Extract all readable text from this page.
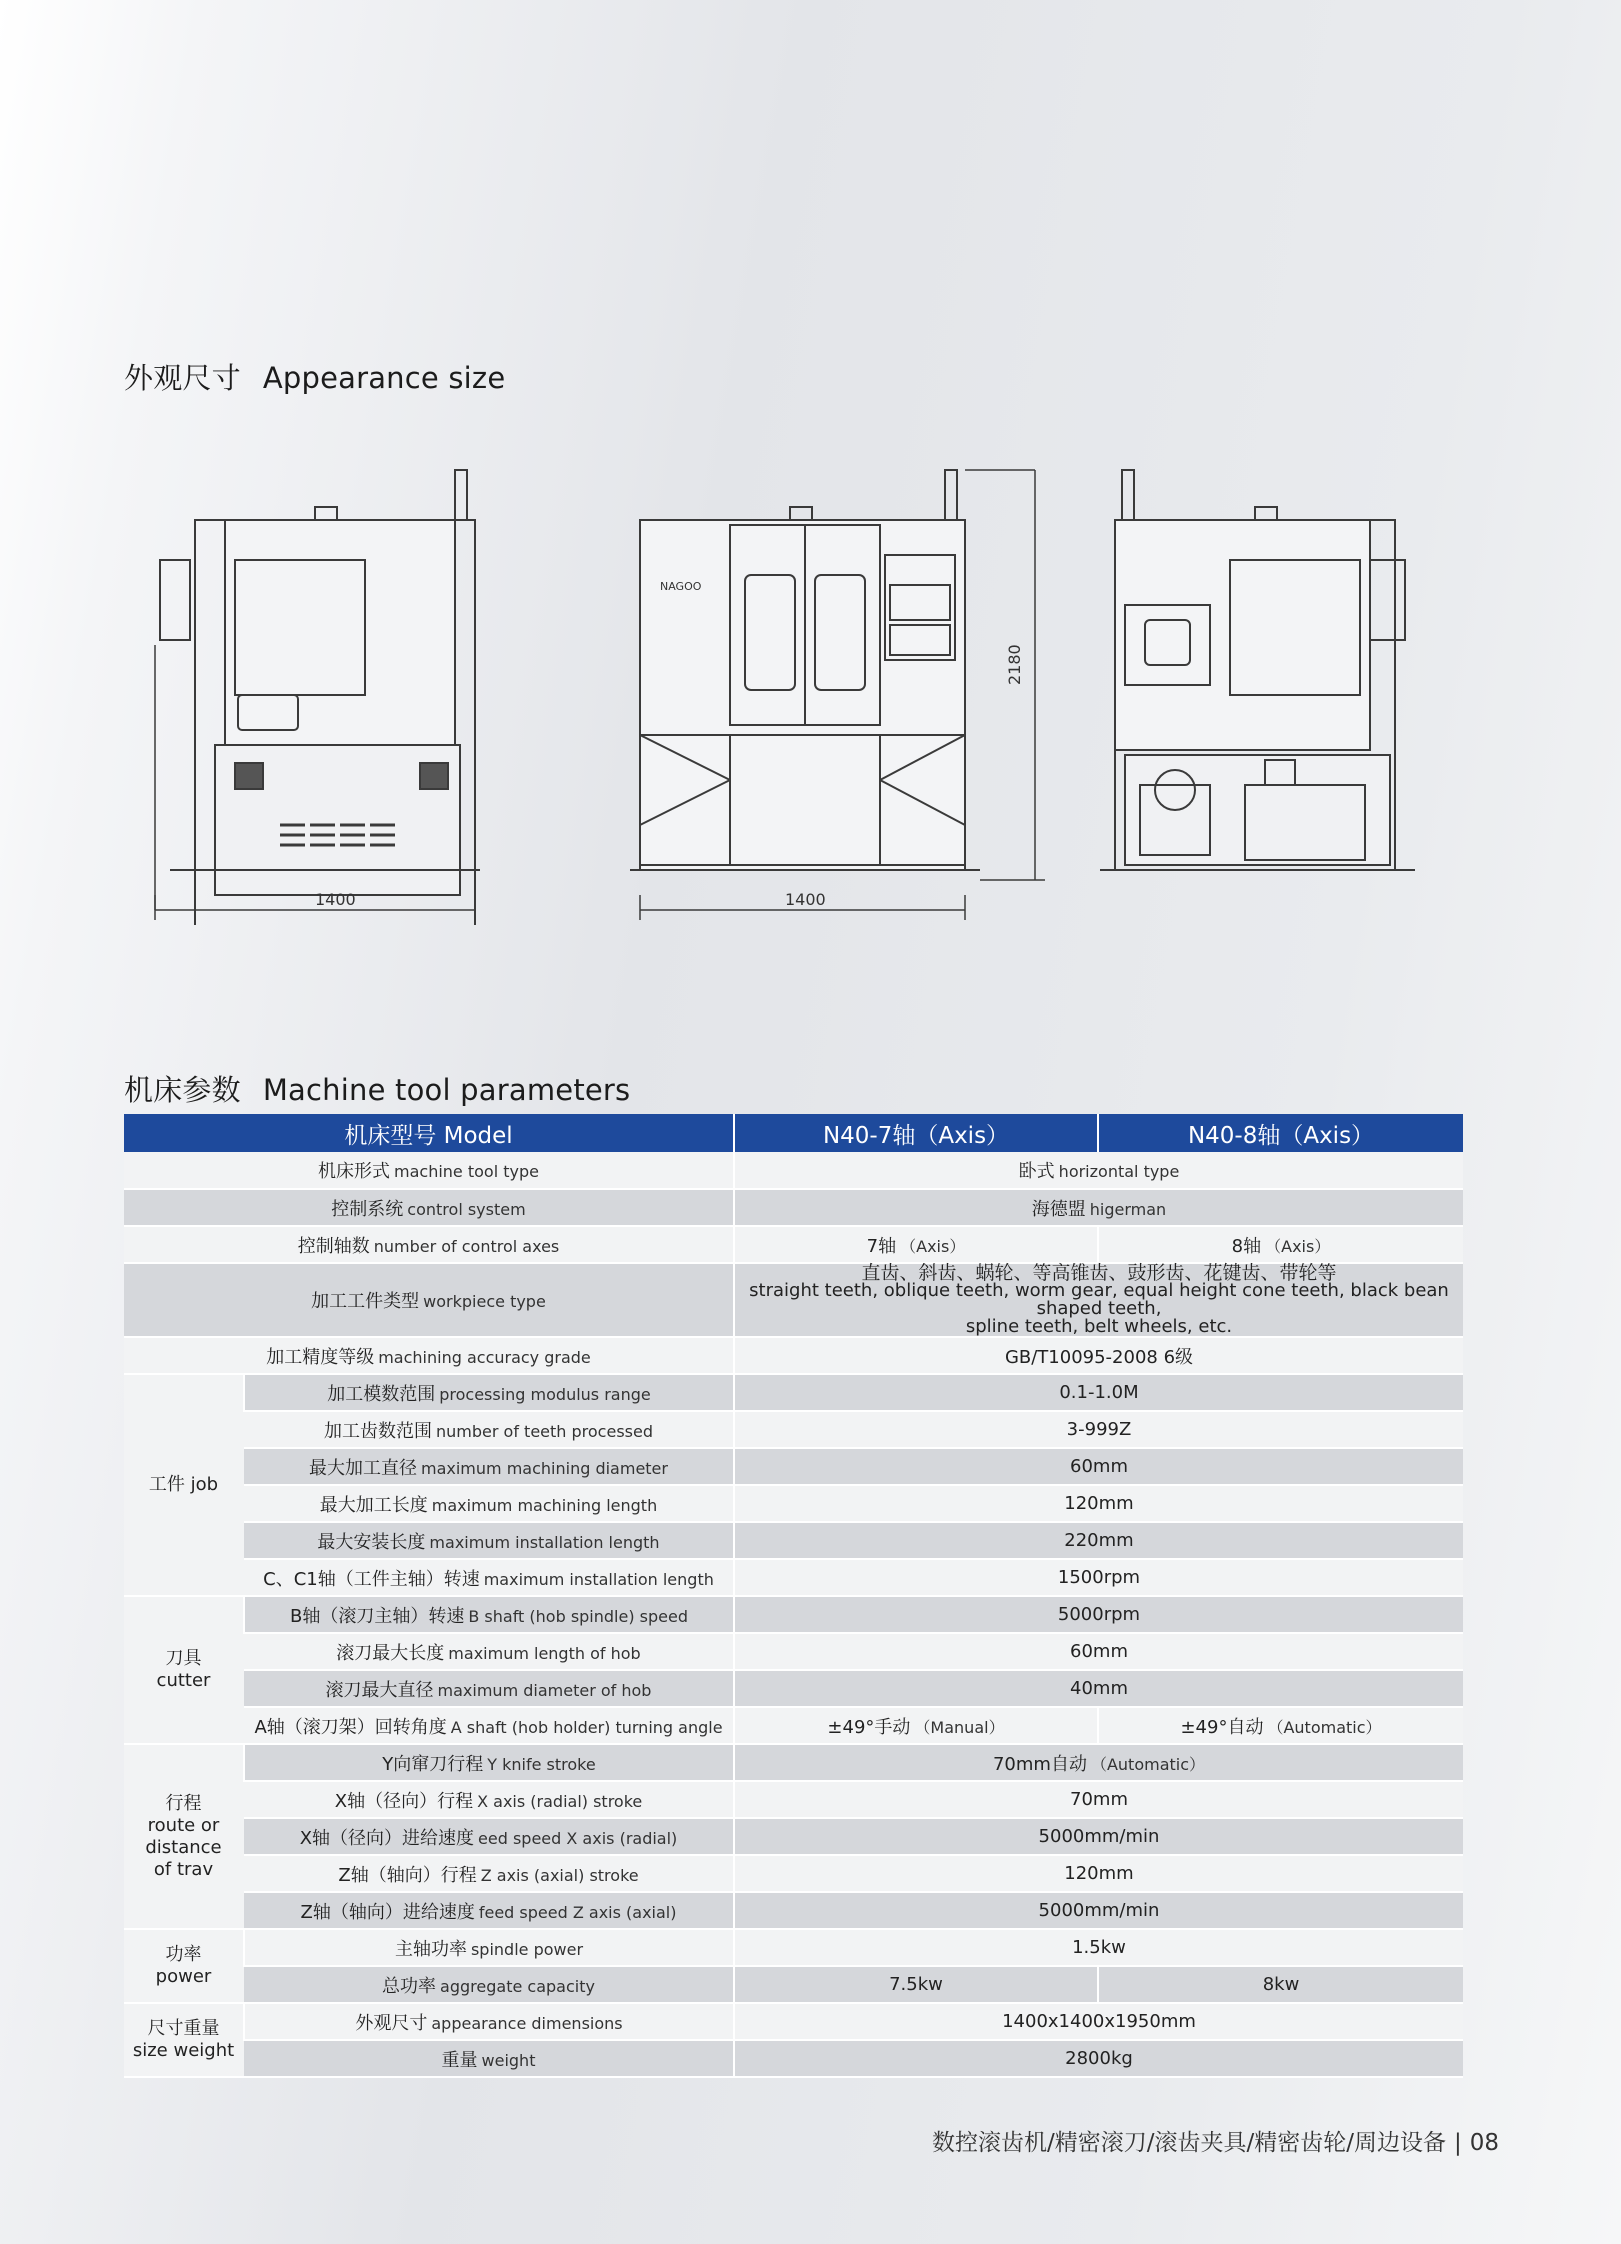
外观尺寸 Appearance size
1400	1400
2180
NAGOO
机床参数 Machine tool parameters
机床型号 Model		N40-7轴（Axis）	N40-8轴（Axis）
机床形式 machine tool type		卧式 horizontal type	
控制系统 control system		海德盟 higerman	
控制轴数 number of control axes		7轴 （Axis）	8轴 （Axis）
加工工件类型 workpiece type		直齿、斜齿、蜗轮、等高锥齿、豉形齿、花键齿、带轮等
straight teeth, oblique teeth, worm gear, equal height cone teeth, black bean shaped teeth,
spline teeth, belt wheels, etc.	

加工精度等级 machining accuracy grade		GB/T10095-2008 6级	
工件 job	加工模数范围 processing modulus range	0.1-1.0M	
	加工齿数范围 number of teeth processed	3-999Z	
	最大加工直径 maximum machining diameter	60mm	
	最大加工长度 maximum machining length	120mm	
	最大安装长度 maximum installation length	220mm	
	C、C1轴（工件主轴）转速 maximum installation length	1500rpm	

刀具
cutter	B轴（滚刀主轴）转速 B shaft (hob spindle) speed	5000rpm	
	滚刀最大长度 maximum length of hob	60mm	
	滚刀最大直径 maximum diameter of hob	40mm	
	A轴（滚刀架）回转角度 A shaft (hob holder) turning angle	±49°手动 （Manual）	±49°自动 （Automatic）

行程
route or
distance
of trav	Y向窜刀行程 Y knife stroke	70mm自动 （Automatic）	
	X轴（径向）行程 X axis (radial) stroke	70mm	
	X轴（径向）进给速度 eed speed X axis (radial)	5000mm/min	
	Z轴（轴向）行程 Z axis (axial) stroke	120mm	
	Z轴（轴向）进给速度 feed speed Z axis (axial)	5000mm/min	

功率
power	主轴功率 spindle power	1.5kw	
	总功率 aggregate capacity	7.5kw	8kw

尺寸重量
size weight	外观尺寸 appearance dimensions	1400x1400x1950mm	
	重量 weight	2800kg	
数控滚齿机/精密滚刀/滚齿夹具/精密齿轮/周边设备 | 08
